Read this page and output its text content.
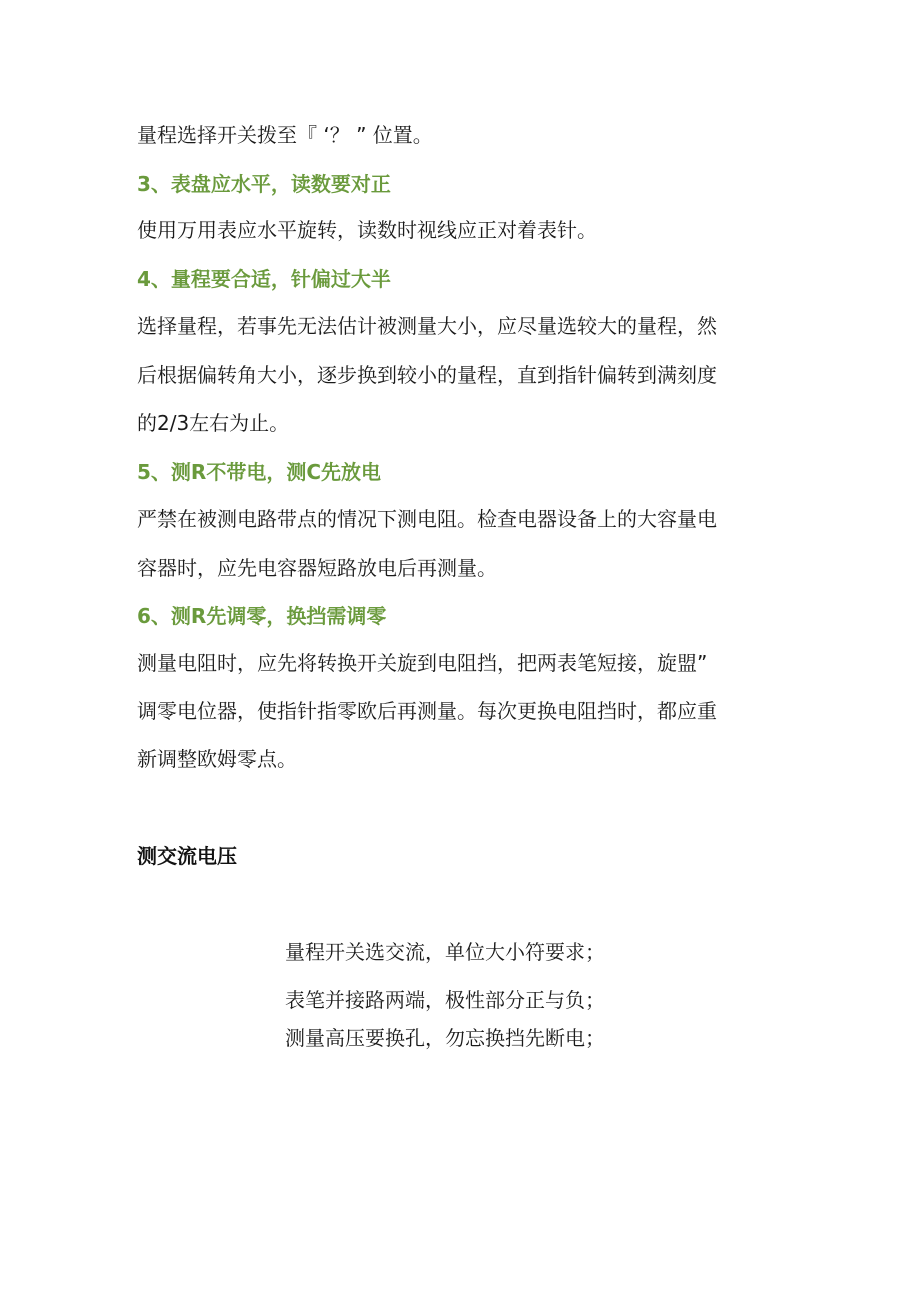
量程选择开关拨至『 ‘？ ” 位置。

3、表盘应水平，读数要对正

使用万用表应水平旋转，读数时视线应正对着表针。

4、量程要合适，针偏过大半

选择量程，若事先无法估计被测量大小，应尽量选较大的量程，然

后根据偏转角大小，逐步换到较小的量程，直到指针偏转到满刻度

的2/3左右为止。

5、测R不带电，测C先放电

严禁在被测电路带点的情况下测电阻。检查电器设备上的大容量电

容器时，应先电容器短路放电后再测量。

6、测R先调零，换挡需调零

测量电阻时，应先将转换开关旋到电阻挡，把两表笔短接，旋盟”

调零电位器，使指针指零欧后再测量。每次更换电阻挡时，都应重

新调整欧姆零点。

测交流电压

量程开关选交流，单位大小符要求；

表笔并接路两端，极性部分正与负；

测量高压要换孔，勿忘换挡先断电；
